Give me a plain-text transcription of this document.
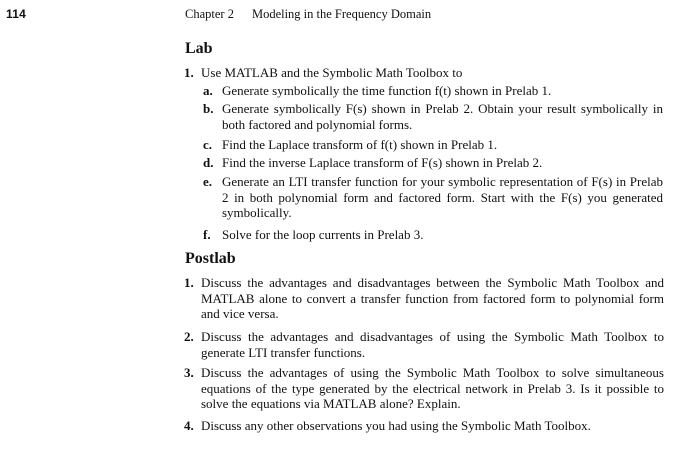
114	Chapter 2 Modeling in the Frequency Domain
Lab
1. Use MATLAB and the Symbolic Math Toolbox to
a. Generate symbolically the time function f(t) shown in Prelab 1.
b. Generate symbolically F(s) shown in Prelab 2. Obtain your result symbolically in both factored and polynomial forms.
c. Find the Laplace transform of f(t) shown in Prelab 1.
d. Find the inverse Laplace transform of F(s) shown in Prelab 2.
e. Generate an LTI transfer function for your symbolic representation of F(s) in Prelab 2 in both polynomial form and factored form. Start with the F(s) you generated symbolically.
f. Solve for the loop currents in Prelab 3.
Postlab
1. Discuss the advantages and disadvantages between the Symbolic Math Toolbox and MATLAB alone to convert a transfer function from factored form to polynomial form and vice versa.
2. Discuss the advantages and disadvantages of using the Symbolic Math Toolbox to generate LTI transfer functions.
3. Discuss the advantages of using the Symbolic Math Toolbox to solve simultaneous equations of the type generated by the electrical network in Prelab 3. Is it possible to solve the equations via MATLAB alone? Explain.
4. Discuss any other observations you had using the Symbolic Math Toolbox.
